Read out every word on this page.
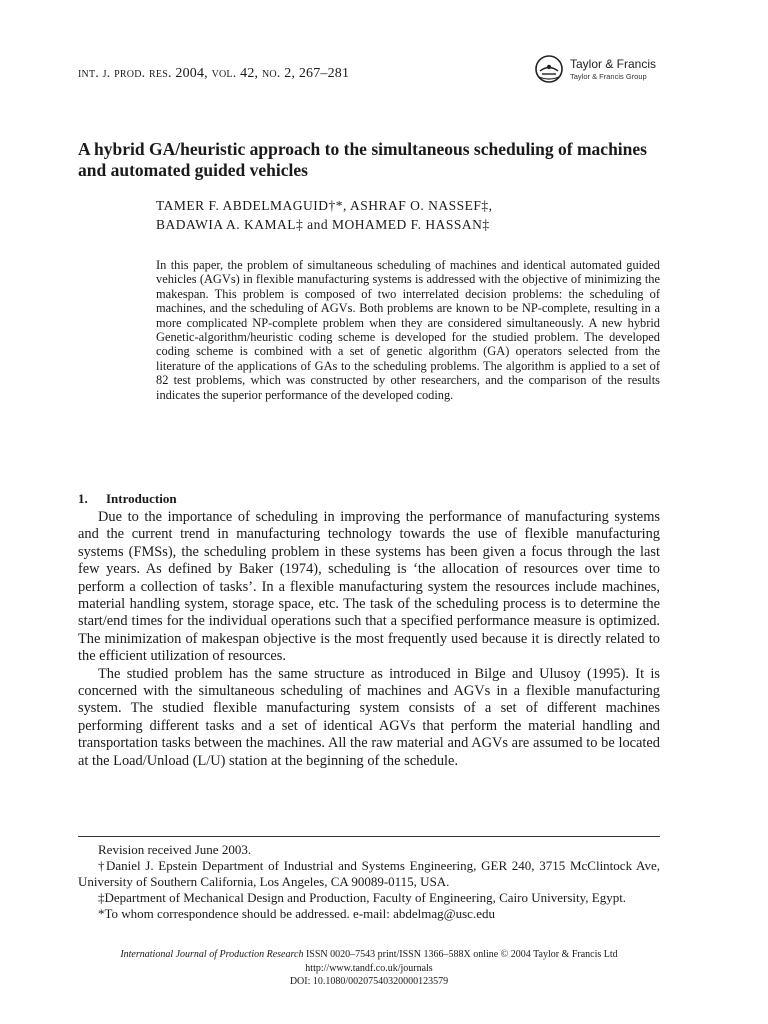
int. j. prod. res. 2004, vol. 42, no. 2, 267–281
Taylor & Francis
Taylor & Francis Group
A hybrid GA/heuristic approach to the simultaneous scheduling of machines and automated guided vehicles
TAMER F. ABDELMAGUID†*, ASHRAF O. NASSEF‡,
BADAWIA A. KAMAL‡ and MOHAMED F. HASSAN‡

In this paper, the problem of simultaneous scheduling of machines and identical automated guided vehicles (AGVs) in flexible manufacturing systems is addressed with the objective of minimizing the makespan. This problem is composed of two interrelated decision problems: the scheduling of machines, and the scheduling of AGVs. Both problems are known to be NP-complete, resulting in a more complicated NP-complete problem when they are considered simultaneously. A new hybrid Genetic-algorithm/heuristic coding scheme is developed for the studied problem. The developed coding scheme is combined with a set of genetic algorithm (GA) operators selected from the literature of the applications of GAs to the scheduling problems. The algorithm is applied to a set of 82 test problems, which was constructed by other researchers, and the comparison of the results indicates the superior performance of the developed coding.

1. Introduction

Due to the importance of scheduling in improving the performance of manufacturing systems and the current trend in manufacturing technology towards the use of flexible manufacturing systems (FMSs), the scheduling problem in these systems has been given a focus through the last few years. As defined by Baker (1974), scheduling is ‘the allocation of resources over time to perform a collection of tasks’. In a flexible manufacturing system the resources include machines, material handling system, storage space, etc. The task of the scheduling process is to determine the start/end times for the individual operations such that a specified performance measure is optimized. The minimization of makespan objective is the most frequently used because it is directly related to the efficient utilization of resources.

The studied problem has the same structure as introduced in Bilge and Ulusoy (1995). It is concerned with the simultaneous scheduling of machines and AGVs in a flexible manufacturing system. The studied flexible manufacturing system consists of a set of different machines performing different tasks and a set of identical AGVs that perform the material handling and transportation tasks between the machines. All the raw material and AGVs are assumed to be located at the Load/Unload (L/U) station at the beginning of the schedule.

Revision received June 2003.

†Daniel J. Epstein Department of Industrial and Systems Engineering, GER 240, 3715 McClintock Ave, University of Southern California, Los Angeles, CA 90089-0115, USA.

‡Department of Mechanical Design and Production, Faculty of Engineering, Cairo University, Egypt.

*To whom correspondence should be addressed. e-mail: abdelmag@usc.edu

International Journal of Production Research ISSN 0020–7543 print/ISSN 1366–588X online © 2004 Taylor & Francis Ltd
http://www.tandf.co.uk/journals
DOI: 10.1080/00207540320000123579
